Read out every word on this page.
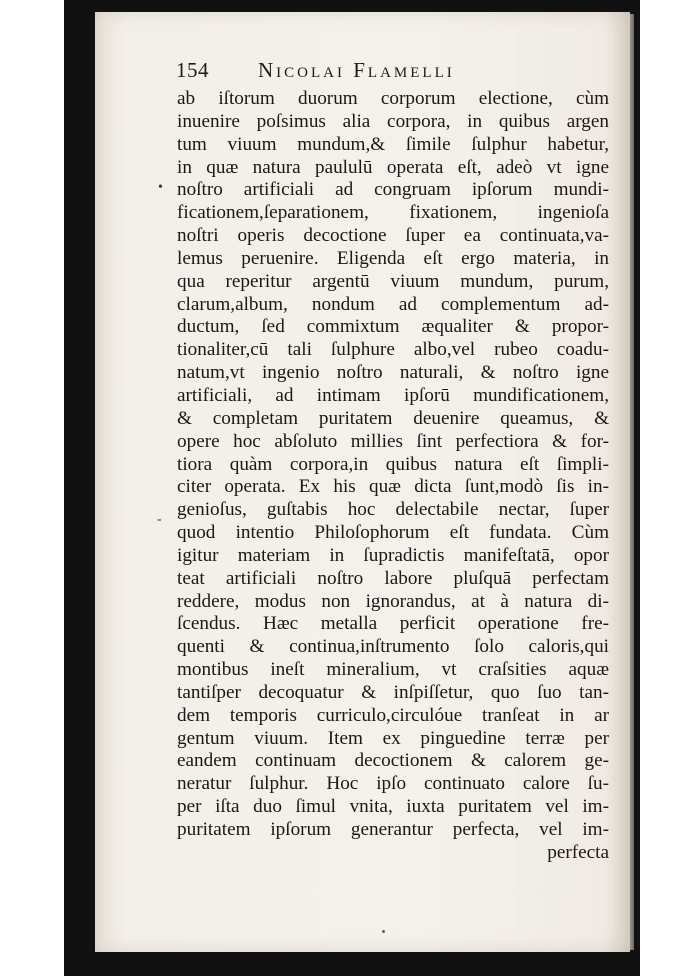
154 Nicolai Flamelli
•
-
ab iſtorum duorum corporum electione, cùm
inuenire poſsimus alia corpora, in quibus argen
tum viuum mundum,& ſimile ſulphur habetur,
in quæ natura paululū operata eſt, adeò vt igne
noſtro artificiali ad congruam ipſorum mundi-
ficationem,ſeparationem, fixationem, ingenioſa
noſtri operis decoctione ſuper ea continuata,va-
lemus peruenire. Eligenda eſt ergo materia, in
qua reperitur argentū viuum mundum, purum,
clarum,album, nondum ad complementum ad-
ductum, ſed commixtum æqualiter & propor-
tionaliter,cū tali ſulphure albo,vel rubeo coadu-
natum,vt ingenio noſtro naturali, & noſtro igne
artificiali, ad intimam ipſorū mundificationem,
& completam puritatem deuenire queamus, &
opere hoc abſoluto millies ſint perfectiora & for-
tiora quàm corpora,in quibus natura eſt ſimpli-
citer operata. Ex his quæ dicta ſunt,modò ſis in-
genioſus, guſtabis hoc delectabile nectar, ſuper
quod intentio Philoſophorum eſt fundata. Cùm
igitur materiam in ſupradictis manifeſtatā, opor
teat artificiali noſtro labore pluſquā perfectam
reddere, modus non ignorandus, at à natura di-
ſcendus. Hæc metalla perficit operatione fre-
quenti & continua,inſtrumento ſolo caloris,qui
montibus ineſt mineralium, vt craſsities aquæ
tantiſper decoquatur & inſpiſſetur, quo ſuo tan-
dem temporis curriculo,circulóue tranſeat in ar
gentum viuum. Item ex pinguedine terræ per
eandem continuam decoctionem & calorem ge-
neratur ſulphur. Hoc ipſo continuato calore ſu-
per iſta duo ſimul vnita, iuxta puritatem vel im-
puritatem ipſorum generantur perfecta, vel im-
perfecta
